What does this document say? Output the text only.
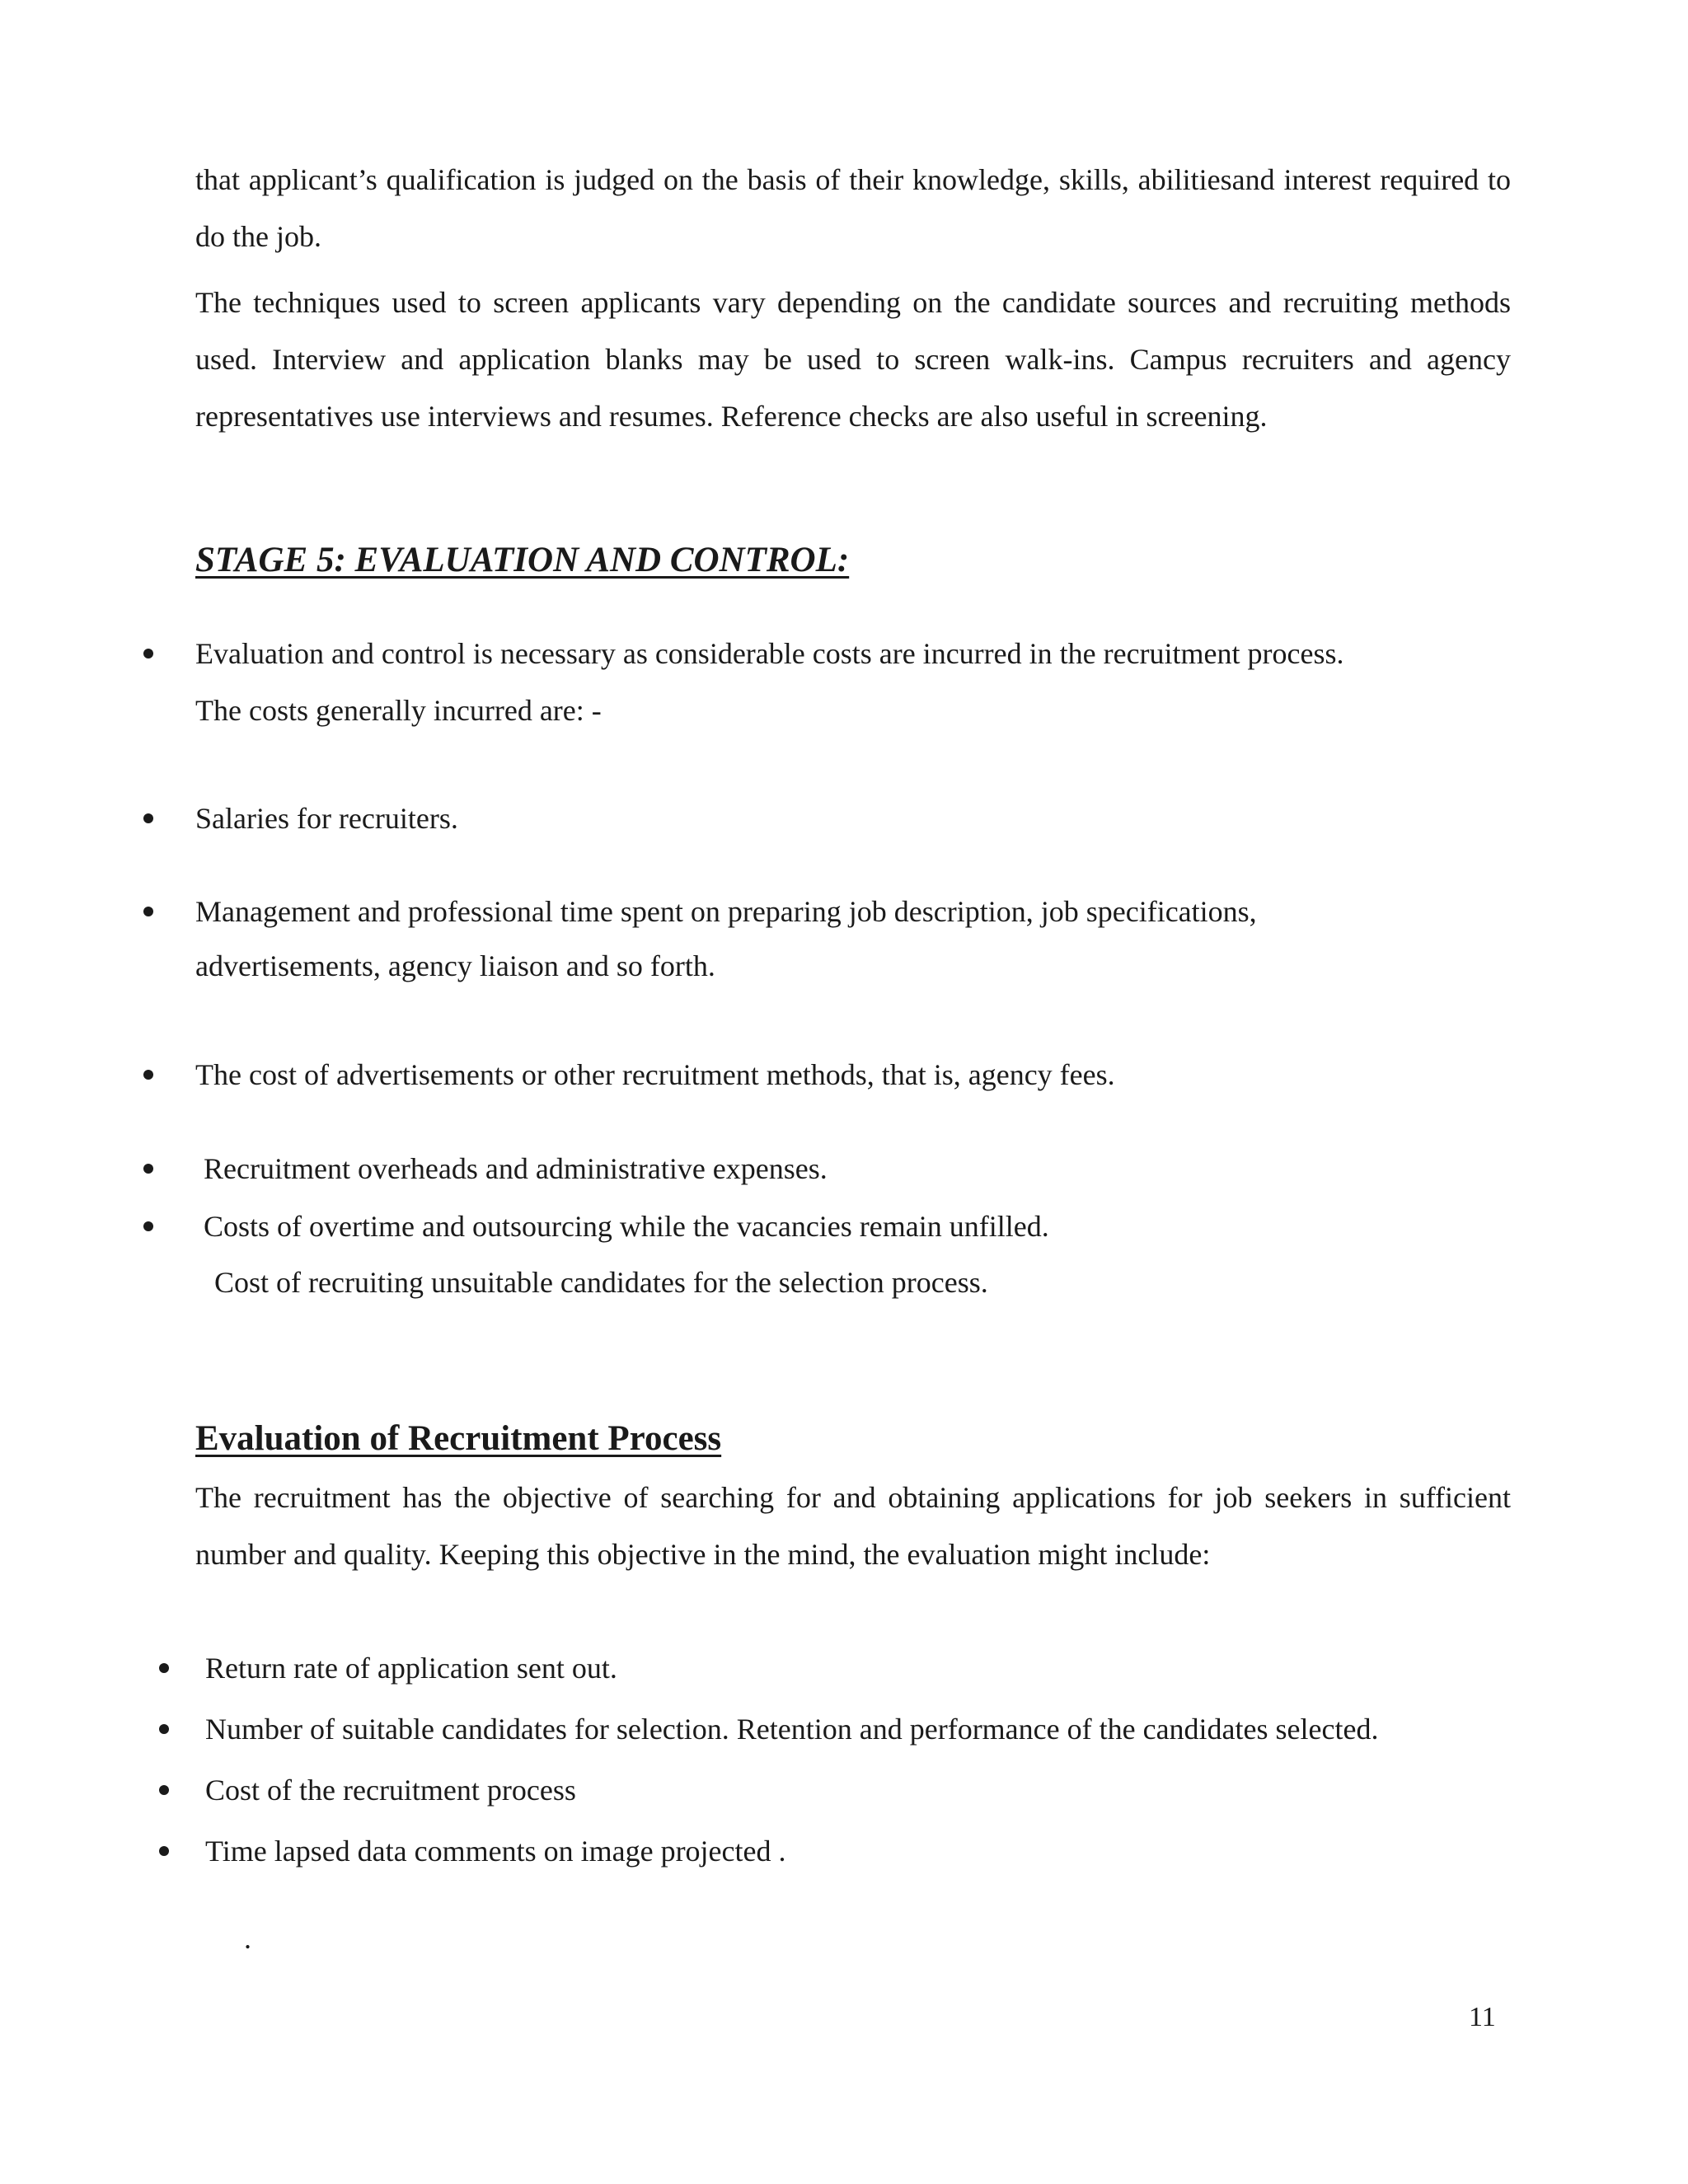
that applicant’s qualification is judged on the basis of their knowledge, skills, abilitiesand interest required to do the job.

The techniques used to screen applicants vary depending on the candidate sources and recruiting methods used. Interview and application blanks may be used to screen walk-ins. Campus recruiters and agency representatives use interviews and resumes. Reference checks are also useful in screening.

STAGE 5: EVALUATION AND CONTROL:

Evaluation and control is necessary as considerable costs are incurred in the recruitment process.

The costs generally incurred are: -

Salaries for recruiters.

Management and professional time spent on preparing job description, job specifications,

advertisements, agency liaison and so forth.

The cost of advertisements or other recruitment methods, that is, agency fees.

Recruitment overheads and administrative expenses.

Costs of overtime and outsourcing while the vacancies remain unfilled.

Cost of recruiting unsuitable candidates for the selection process.

Evaluation of Recruitment Process

The recruitment has the objective of searching for and obtaining applications for job seekers in sufficient number and quality. Keeping this objective in the mind, the evaluation might include:

Return rate of application sent out.

Number of suitable candidates for selection. Retention and performance of the candidates selected.

Cost of the recruitment process

Time lapsed data comments on image projected .

.
11
